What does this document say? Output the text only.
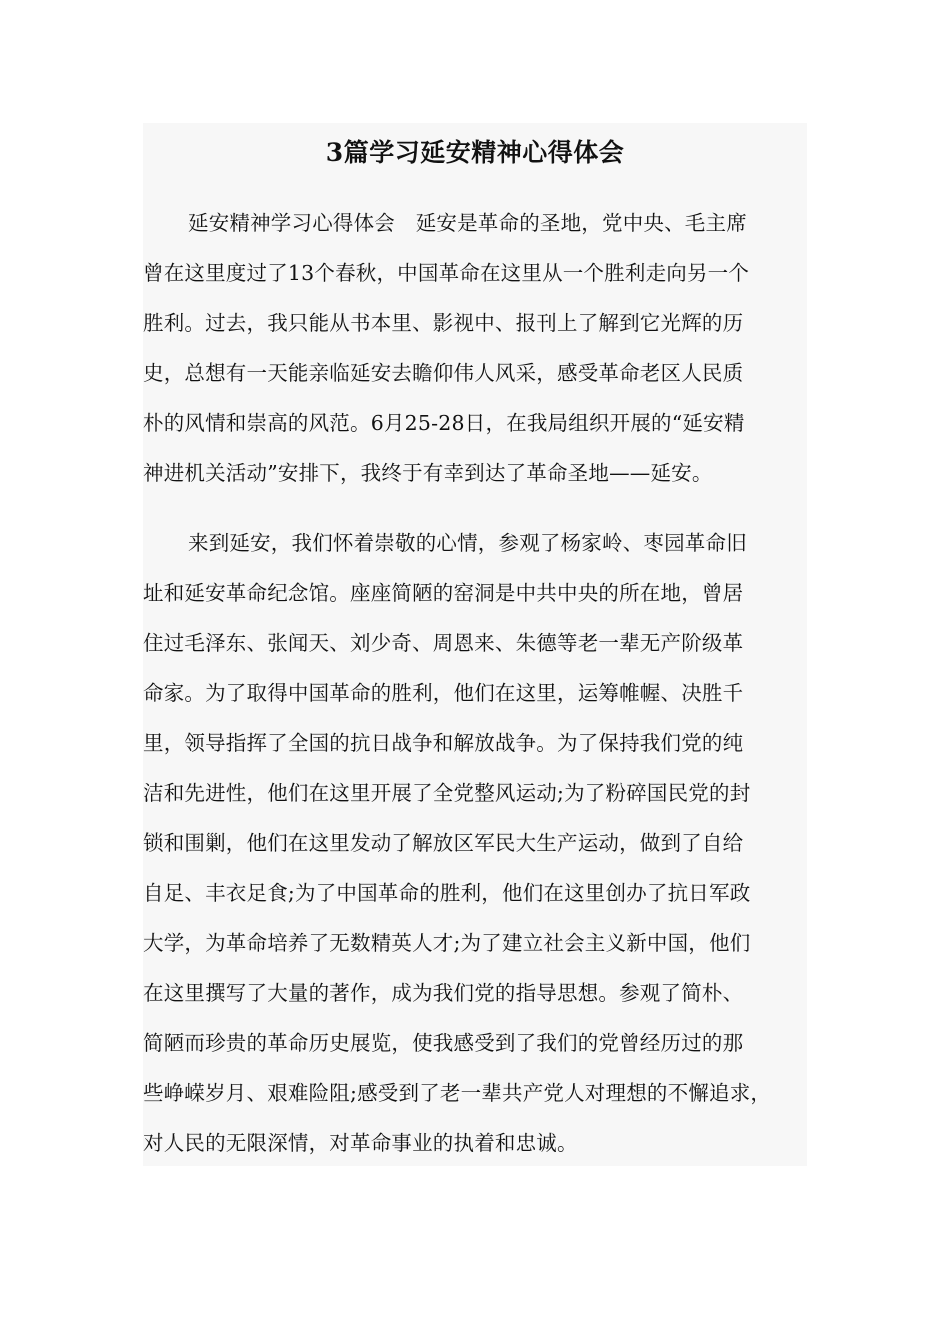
3篇学习延安精神心得体会
延安精神学习心得体会　延安是革命的圣地，党中央、毛主席
曾在这里度过了13个春秋，中国革命在这里从一个胜利走向另一个
胜利。过去，我只能从书本里、影视中、报刊上了解到它光辉的历
史，总想有一天能亲临延安去瞻仰伟人风采，感受革命老区人民质
朴的风情和崇高的风范。6月25-28日，在我局组织开展的“延安精
神进机关活动”安排下，我终于有幸到达了革命圣地——延安。
来到延安，我们怀着崇敬的心情，参观了杨家岭、枣园革命旧
址和延安革命纪念馆。座座简陋的窑洞是中共中央的所在地，曾居
住过毛泽东、张闻天、刘少奇、周恩来、朱德等老一辈无产阶级革
命家。为了取得中国革命的胜利，他们在这里，运筹帷幄、决胜千
里，领导指挥了全国的抗日战争和解放战争。为了保持我们党的纯
洁和先进性，他们在这里开展了全党整风运动;为了粉碎国民党的封
锁和围剿，他们在这里发动了解放区军民大生产运动，做到了自给
自足、丰衣足食;为了中国革命的胜利，他们在这里创办了抗日军政
大学，为革命培养了无数精英人才;为了建立社会主义新中国，他们
在这里撰写了大量的著作，成为我们党的指导思想。参观了简朴、
简陋而珍贵的革命历史展览，使我感受到了我们的党曾经历过的那
些峥嵘岁月、艰难险阻;感受到了老一辈共产党人对理想的不懈追求，
对人民的无限深情，对革命事业的执着和忠诚。
